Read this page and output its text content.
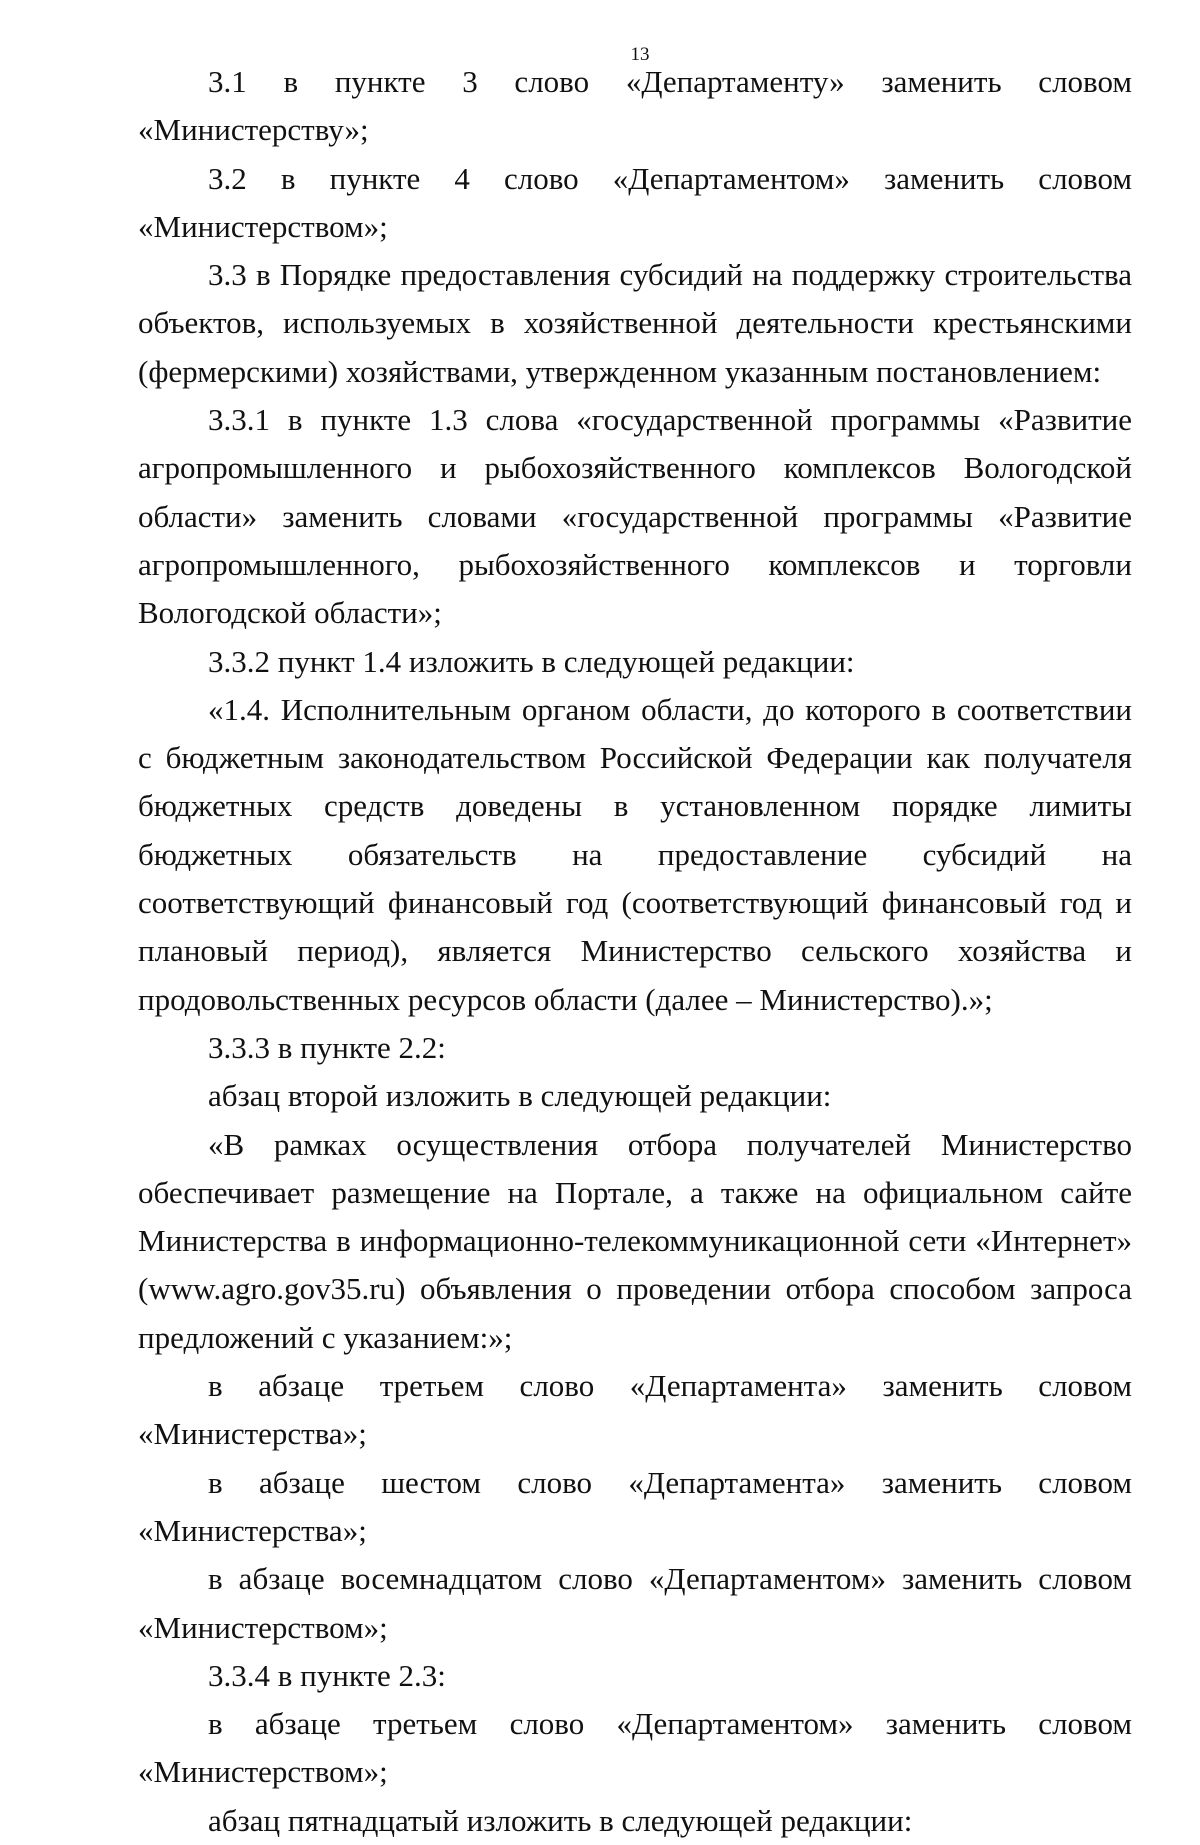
13

3.1 в пункте 3 слово «Департаменту» заменить словом «Министерству»;

3.2 в пункте 4 слово «Департаментом» заменить словом «Министерством»;

3.3 в Порядке предоставления субсидий на поддержку строительства объектов, используемых в хозяйственной деятельности крестьянскими (фермерскими) хозяйствами, утвержденном указанным постановлением:

3.3.1 в пункте 1.3 слова «государственной программы «Развитие агропромышленного и рыбохозяйственного комплексов Вологодской области» заменить словами «государственной программы «Развитие агропромышленного, рыбохозяйственного комплексов и торговли Вологодской области»;

3.3.2 пункт 1.4 изложить в следующей редакции:

«1.4. Исполнительным органом области, до которого в соответствии с бюджетным законодательством Российской Федерации как получателя бюджетных средств доведены в установленном порядке лимиты бюджетных обязательств на предоставление субсидий на соответствующий финансовый год (соответствующий финансовый год и плановый период), является Министерство сельского хозяйства и продовольственных ресурсов области (далее – Министерство).»;

3.3.3 в пункте 2.2:

абзац второй изложить в следующей редакции:

«В рамках осуществления отбора получателей Министерство обеспечивает размещение на Портале, а также на официальном сайте Министерства в информационно-телекоммуникационной сети «Интернет» (www.agro.gov35.ru) объявления о проведении отбора способом запроса предложений с указанием:»;

в абзаце третьем слово «Департамента» заменить словом «Министерства»;

в абзаце шестом слово «Департамента» заменить словом «Министерства»;

в абзаце восемнадцатом слово «Департаментом» заменить словом «Министерством»;

3.3.4 в пункте 2.3:

в абзаце третьем слово «Департаментом» заменить словом «Министерством»;

абзац пятнадцатый изложить в следующей редакции:
